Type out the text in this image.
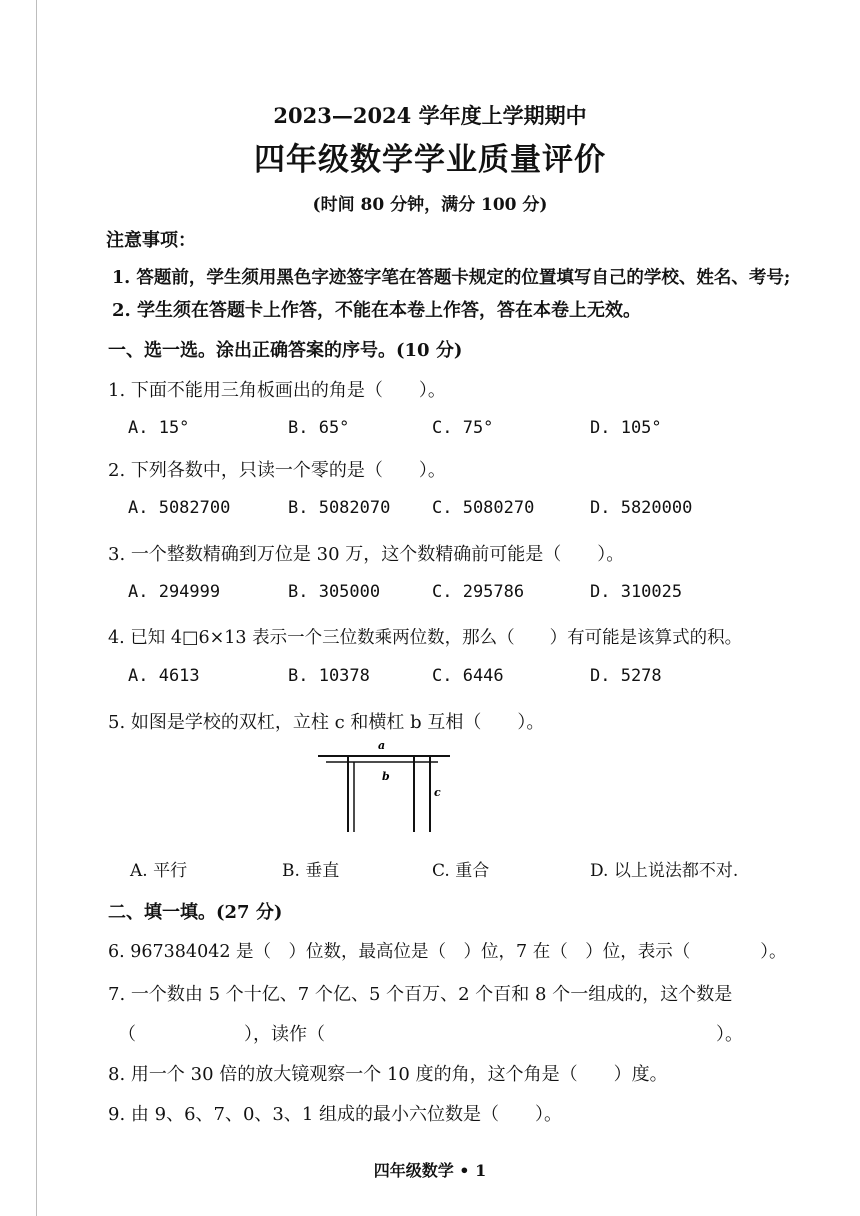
2023—2024 学年度上学期期中
四年级数学学业质量评价
(时间 80 分钟，满分 100 分)
注意事项：
1. 答题前，学生须用黑色字迹签字笔在答题卡规定的位置填写自己的学校、姓名、考号;
2. 学生须在答题卡上作答，不能在本卷上作答，答在本卷上无效。
一、选一选。涂出正确答案的序号。(10 分)
1. 下面不能用三角板画出的角是（　　）。
A. 15°	B. 65°	C. 75°	D. 105°
2. 下列各数中，只读一个零的是（　　）。
A. 5082700	B. 5082070 C. 5080270	D. 5820000
3. 一个整数精确到万位是 30 万，这个数精确前可能是（　　）。
A. 294999	B. 305000	C. 295786	D. 310025
4. 已知 4□6×13 表示一个三位数乘两位数，那么（　　）有可能是该算式的积。
A. 4613	B. 10378	C. 6446	D. 5278
5. 如图是学校的双杠，立柱 c 和横杠 b 互相（　　）。
a
b
c
A. 平行	B. 垂直	C. 重合	D. 以上说法都不对.
二、填一填。(27 分)
6. 967384042 是（　）位数，最高位是（　）位，7 在（　）位，表示（　　　　）。
7. 一个数由 5 个十亿、7 个亿、5 个百万、2 个百和 8 个一组成的，这个数是
（　　　　　　），读作（	）。
8. 用一个 30 倍的放大镜观察一个 10 度的角，这个角是（　　）度。
9. 由 9、6、7、0、3、1 组成的最小六位数是（　　）。
四年级数学 • 1
